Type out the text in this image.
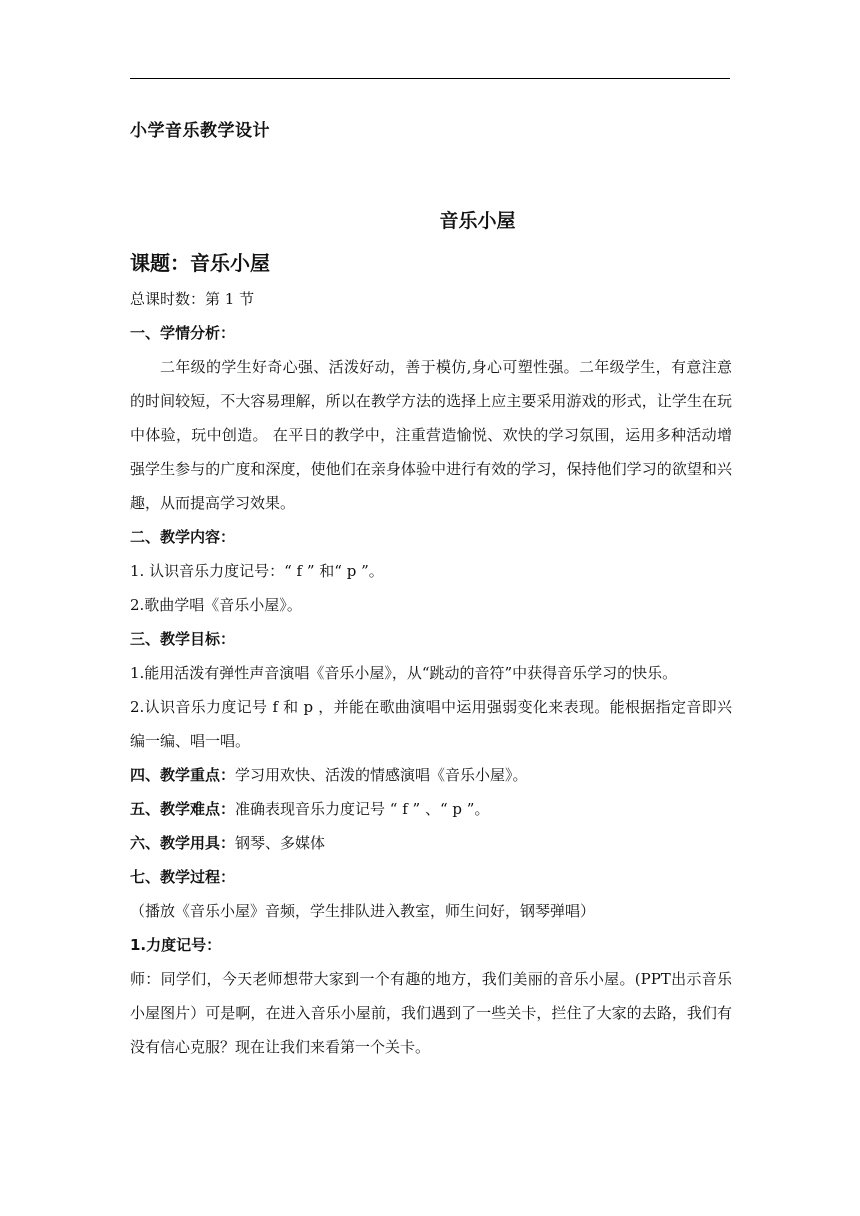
小学音乐教学设计
音乐小屋

课题：音乐小屋

总课时数：第 1 节

一、学情分析：

二年级的学生好奇心强、活泼好动，善于模仿,身心可塑性强。二年级学生，有意注意的时间较短，不大容易理解，所以在教学方法的选择上应主要采用游戏的形式，让学生在玩中体验，玩中创造。 在平日的教学中，注重营造愉悦、欢快的学习氛围，运用多种活动增强学生参与的广度和深度，使他们在亲身体验中进行有效的学习，保持他们学习的欲望和兴趣，从而提高学习效果。

二、教学内容：

1. 认识音乐力度记号：“ f ” 和“ p ”。

2.歌曲学唱《音乐小屋》。

三、教学目标：

1.能用活泼有弹性声音演唱《音乐小屋》，从“跳动的音符”中获得音乐学习的快乐。

2.认识音乐力度记号 f 和 p ，并能在歌曲演唱中运用强弱变化来表现。能根据指定音即兴编一编、唱一唱。

四、教学重点：学习用欢快、活泼的情感演唱《音乐小屋》。

五、教学难点：准确表现音乐力度记号 “ f ” 、“ p ”。

六、教学用具：钢琴、多媒体

七、教学过程：

（播放《音乐小屋》音频，学生排队进入教室，师生问好，钢琴弹唱）

1.力度记号：

师：同学们，今天老师想带大家到一个有趣的地方，我们美丽的音乐小屋。(PPT出示音乐小屋图片）可是啊，在进入音乐小屋前，我们遇到了一些关卡，拦住了大家的去路，我们有没有信心克服？现在让我们来看第一个关卡。
